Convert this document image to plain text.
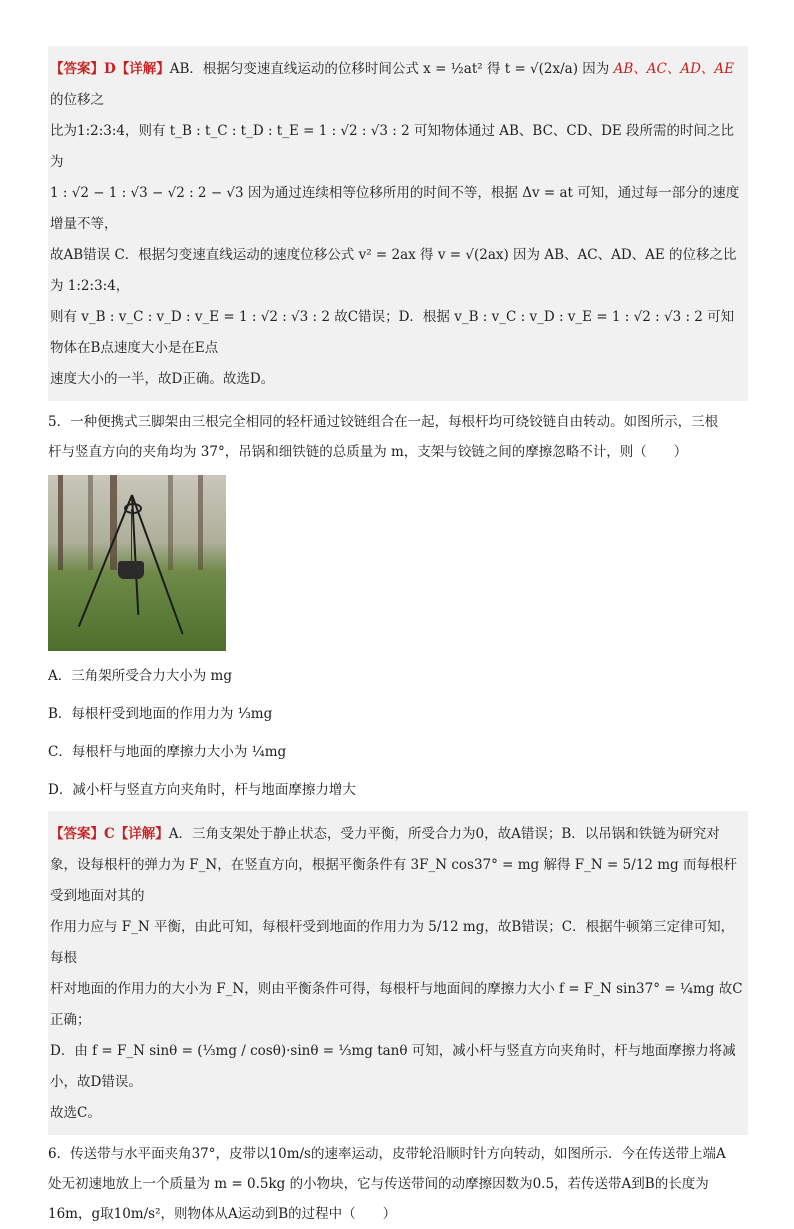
【答案】D【详解】AB．根据匀变速直线运动的位移时间公式 x = ½at² 得 t = √(2x/a) 因为 AB、AC、AD、AE的位移之

比为1:2:3:4，则有 t_B : t_C : t_D : t_E = 1 : √2 : √3 : 2 可知物体通过 AB、BC、CD、DE 段所需的时间之比为

1 : √2 − 1 : √3 − √2 : 2 − √3 因为通过连续相等位移所用的时间不等，根据 Δv = at 可知，通过每一部分的速度增量不等，

故AB错误 C．根据匀变速直线运动的速度位移公式 v² = 2ax 得 v = √(2ax) 因为 AB、AC、AD、AE 的位移之比为 1:2:3:4，

则有 v_B : v_C : v_D : v_E = 1 : √2 : √3 : 2 故C错误；D．根据 v_B : v_C : v_D : v_E = 1 : √2 : √3 : 2 可知物体在B点速度大小是在E点

速度大小的一半，故D正确。故选D。

5．一种便携式三脚架由三根完全相同的轻杆通过铰链组合在一起，每根杆均可绕铰链自由转动。如图所示，三根

杆与竖直方向的夹角均为 37°，吊锅和细铁链的总质量为 m，支架与铰链之间的摩擦忽略不计，则（　　）

A．三角架所受合力大小为 mg

B．每根杆受到地面的作用力为 ⅓mg

C．每根杆与地面的摩擦力大小为 ¼mg

D．减小杆与竖直方向夹角时，杆与地面摩擦力增大

【答案】C【详解】A．三角支架处于静止状态，受力平衡，所受合力为0，故A错误；B．以吊锅和铁链为研究对

象，设每根杆的弹力为 F_N，在竖直方向，根据平衡条件有 3F_N cos37° = mg 解得 F_N = 5/12 mg 而每根杆受到地面对其的

作用力应与 F_N 平衡，由此可知，每根杆受到地面的作用力为 5/12 mg，故B错误；C．根据牛顿第三定律可知，每根

杆对地面的作用力的大小为 F_N，则由平衡条件可得，每根杆与地面间的摩擦力大小 f = F_N sin37° = ¼mg 故C正确；

D．由 f = F_N sinθ = (⅓mg / cosθ)·sinθ = ⅓mg tanθ 可知，减小杆与竖直方向夹角时，杆与地面摩擦力将减小，故D错误。

故选C。

6．传送带与水平面夹角37°，皮带以10m/s的速率运动，皮带轮沿顺时针方向转动，如图所示．今在传送带上端A

处无初速地放上一个质量为 m = 0.5kg 的小物块，它与传送带间的动摩擦因数为0.5，若传送带A到B的长度为

16m，g取10m/s²，则物体从A运动到B的过程中（　　）
